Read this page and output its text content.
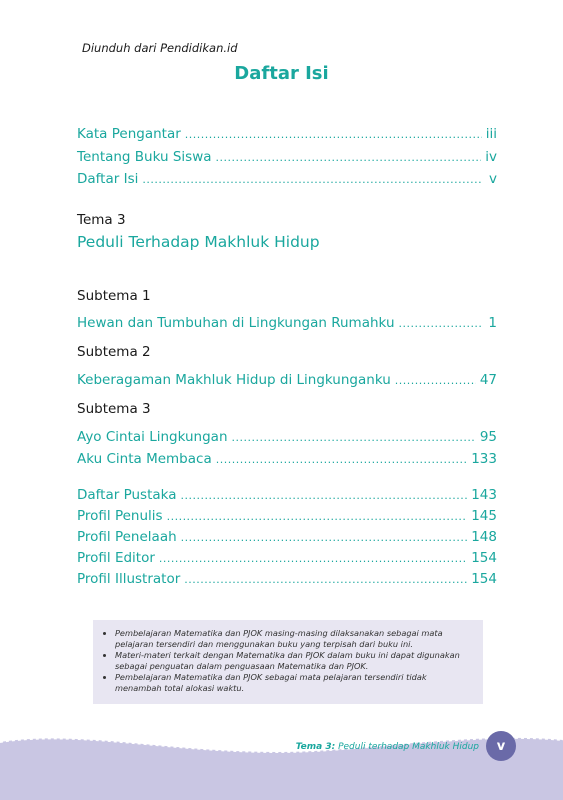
Diunduh dari Pendidikan.id
Daftar Isi
Kata Pengantar .....	iii
Tentang Buku Siswa .....	iv
Daftar Isi .....	v
Tema 3
Peduli Terhadap Makhluk Hidup
Subtema 1
Hewan dan Tumbuhan di Lingkungan Rumahku .....	1
Subtema 2
Keberagaman Makhluk Hidup di Lingkunganku .....	47
Subtema 3
Ayo Cintai Lingkungan .....	95
Aku Cinta Membaca .....	133
Daftar Pustaka .....	143
Profil Penulis .....	145
Profil Penelaah .....	148
Profil Editor .....	154
Profil Illustrator .....	154
• Pembelajaran Matematika dan PJOK masing-masing dilaksanakan sebagai mata pelajaran tersendiri dan menggunakan buku yang terpisah dari buku ini.
• Materi-materi terkait dengan Matematika dan PJOK dalam buku ini dapat digunakan sebagai penguatan dalam penguasaan Matematika dan PJOK.
• Pembelajaran Matematika dan PJOK sebagai mata pelajaran tersendiri tidak menambah total alokasi waktu.
Tema 3: Peduli terhadap Makhluk Hidup	v
